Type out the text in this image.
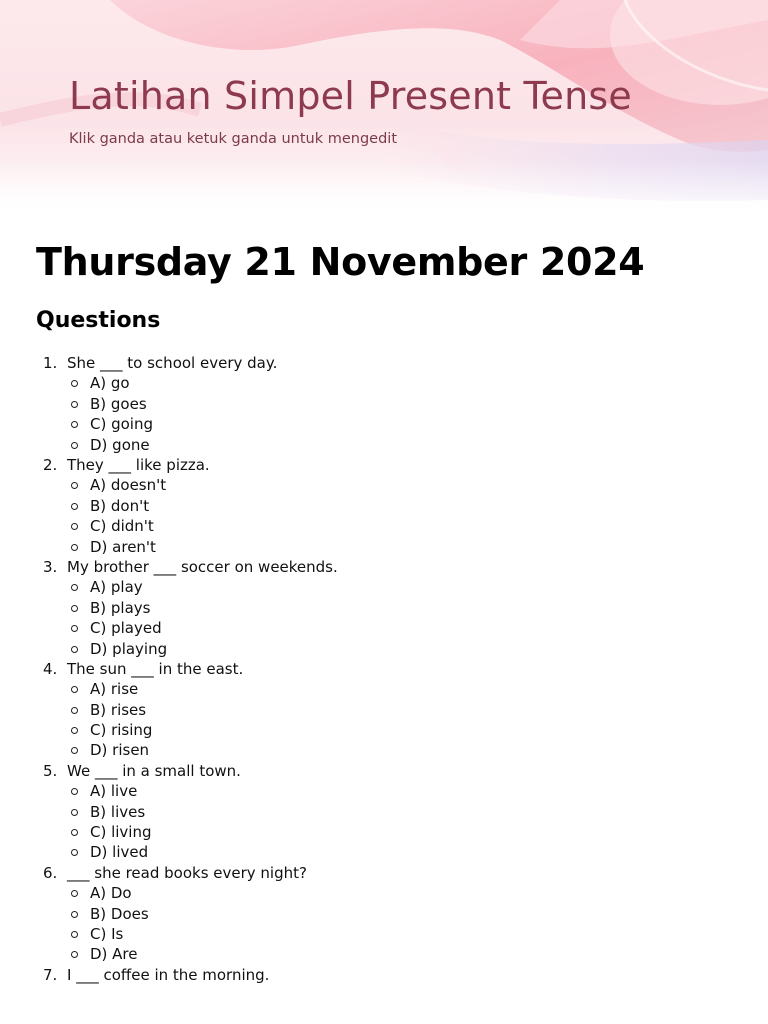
Latihan Simpel Present Tense
Klik ganda atau ketuk ganda untuk mengedit
Thursday 21 November 2024
Questions
1. She ___ to school every day.
A) go
B) goes
C) going
D) gone
2. They ___ like pizza.
A) doesn't
B) don't
C) didn't
D) aren't
3. My brother ___ soccer on weekends.
A) play
B) plays
C) played
D) playing
4. The sun ___ in the east.
A) rise
B) rises
C) rising
D) risen
5. We ___ in a small town.
A) live
B) lives
C) living
D) lived
6. ___ she read books every night?
A) Do
B) Does
C) Is
D) Are
7. I ___ coffee in the morning.
